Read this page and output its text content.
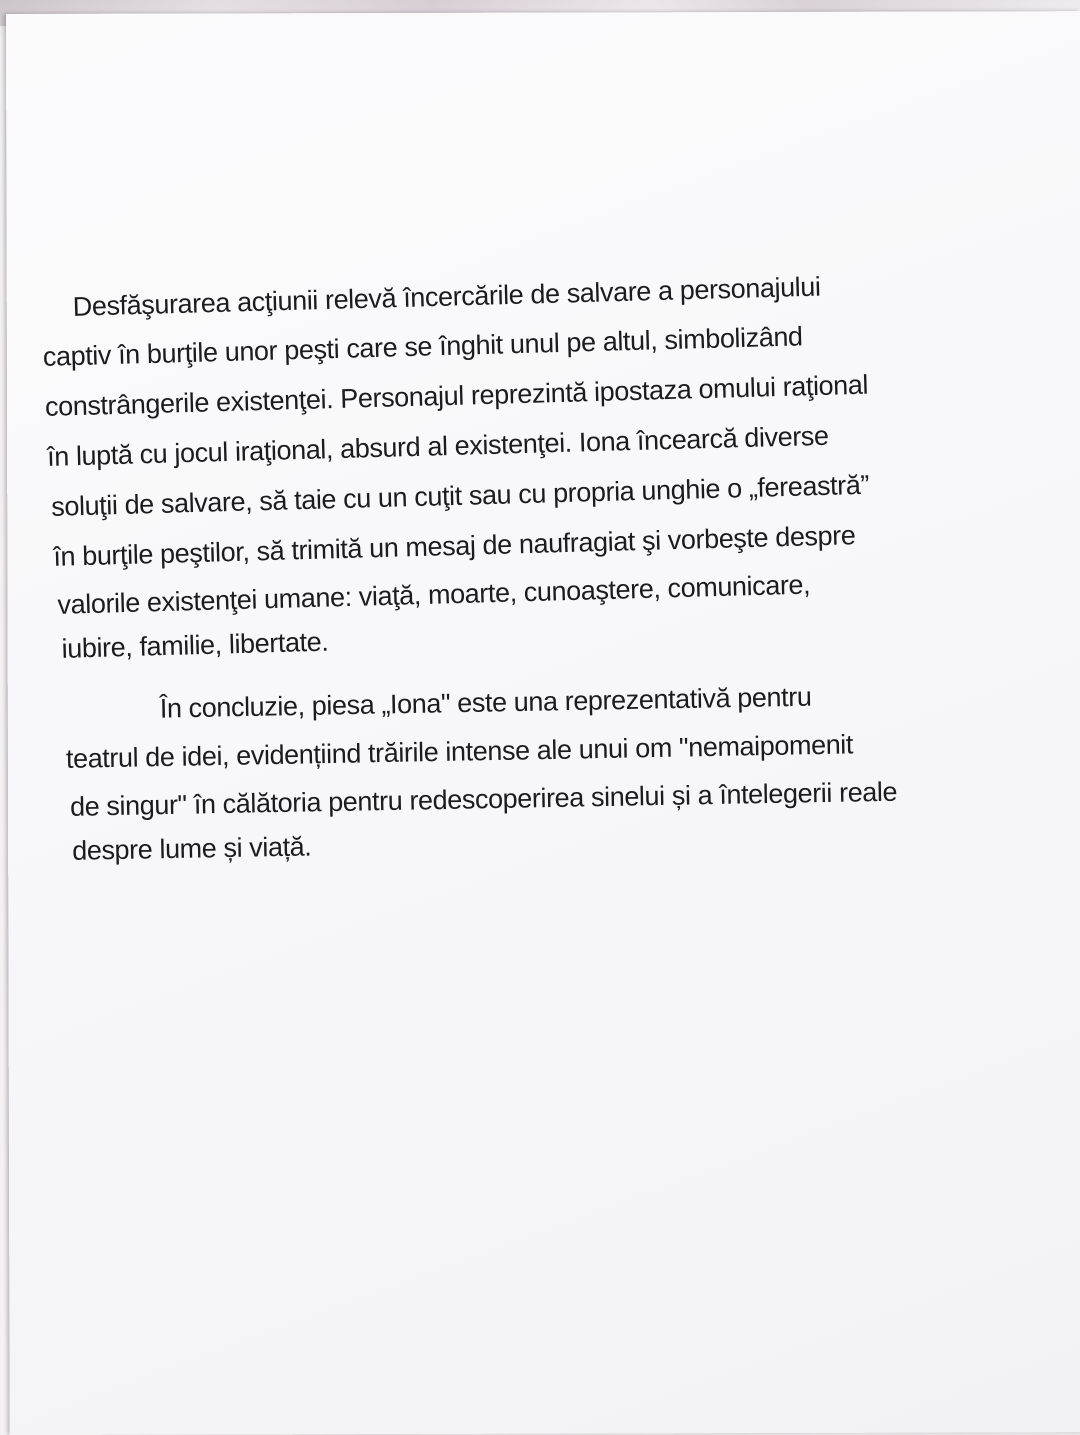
Desfăşurarea acţiunii relevă încercările de salvare a personajului
captiv în burţile unor peşti care se înghit unul pe altul, simbolizând
constrângerile existenţei. Personajul reprezintă ipostaza omului raţional
în luptă cu jocul iraţional, absurd al existenţei. Iona încearcă diverse
soluţii de salvare, să taie cu un cuţit sau cu propria unghie o „fereastră”
în burţile peştilor, să trimită un mesaj de naufragiat şi vorbeşte despre
valorile existenţei umane: viaţă, moarte, cunoaştere, comunicare,
iubire, familie, libertate.
În concluzie, piesa „Iona" este una reprezentativă pentru
teatrul de idei, evidențiind trăirile intense ale unui om "nemaipomenit
de singur" în călătoria pentru redescoperirea sinelui și a întelegerii reale
despre lume și viață.
